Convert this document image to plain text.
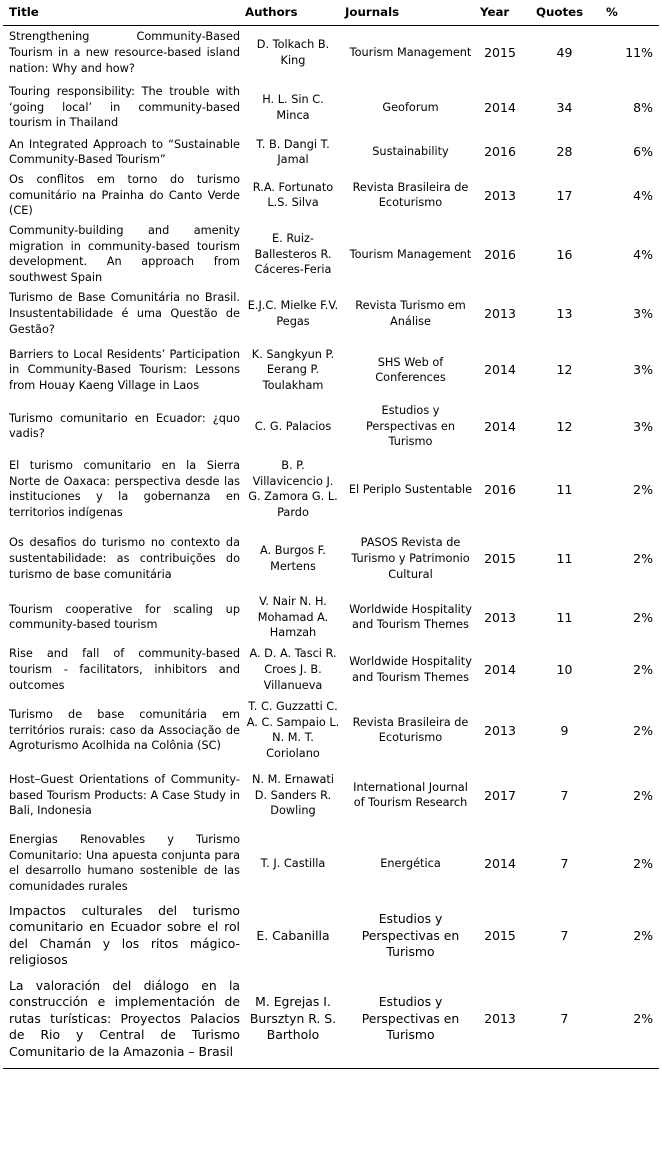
Title	Authors	Journals	Year	Quotes	%
Strengthening Community-Based Tourism in a new resource-based island nation: Why and how?	D. Tolkach B. King	Tourism Management	2015	49	11%
Touring responsibility: The trouble with ‘going local’ in community-based tourism in Thailand	H. L. Sin C. Minca	Geoforum	2014	34	8%
An Integrated Approach to “Sustainable Community-Based Tourism”	T. B. Dangi T. Jamal	Sustainability	2016	28	6%
Os conflitos em torno do turismo comunitário na Prainha do Canto Verde (CE)	R.A. Fortunato L.S. Silva	Revista Brasileira de Ecoturismo	2013	17	4%
Community-building and amenity migration in community-based tourism development. An approach from southwest Spain	E. Ruiz-Ballesteros R. Cáceres-Feria	Tourism Management	2016	16	4%
Turismo de Base Comunitária no Brasil. Insustentabilidade é uma Questão de Gestão?	E.J.C. Mielke F.V. Pegas	Revista Turismo em Análise	2013	13	3%
Barriers to Local Residents’ Participation in Community-Based Tourism: Lessons from Houay Kaeng Village in Laos	K. Sangkyun P. Eerang P. Toulakham	SHS Web of Conferences	2014	12	3%
Turismo comunitario en Ecuador: ¿quo vadis?	C. G. Palacios	Estudios y Perspectivas en Turismo	2014	12	3%
El turismo comunitario en la Sierra Norte de Oaxaca: perspectiva desde las instituciones y la gobernanza en territorios indígenas	B. P. Villavicencio J. G. Zamora G. L. Pardo	El Periplo Sustentable	2016	11	2%
Os desafios do turismo no contexto da sustentabilidade: as contribuições do turismo de base comunitária	A. Burgos F. Mertens	PASOS Revista de Turismo y Patrimonio Cultural	2015	11	2%
Tourism cooperative for scaling up community-based tourism	V. Nair N. H. Mohamad A. Hamzah	Worldwide Hospitality and Tourism Themes	2013	11	2%
Rise and fall of community-based tourism - facilitators, inhibitors and outcomes	A. D. A. Tasci R. Croes J. B. Villanueva	Worldwide Hospitality and Tourism Themes	2014	10	2%
Turismo de base comunitária em territórios rurais: caso da Associação de Agroturismo Acolhida na Colônia (SC)	T. C. Guzzatti C. A. C. Sampaio L. N. M. T. Coriolano	Revista Brasileira de Ecoturismo	2013	9	2%
Host–Guest Orientations of Community-based Tourism Products: A Case Study in Bali, Indonesia	N. M. Ernawati D. Sanders R. Dowling	International Journal of Tourism Research	2017	7	2%
Energias Renovables y Turismo Comunitario: Una apuesta conjunta para el desarrollo humano sostenible de las comunidades rurales	T. J. Castilla	Energética	2014	7	2%
Impactos culturales del turismo comunitario en Ecuador sobre el rol del Chamán y los ritos mágico-religiosos	E. Cabanilla	Estudios y Perspectivas en Turismo	2015	7	2%
La valoración del diálogo en la construcción e implementación de rutas turísticas: Proyectos Palacios de Rio y Central de Turismo Comunitario de la Amazonia – Brasil	M. Egrejas I. Bursztyn R. S. Bartholo	Estudios y Perspectivas en Turismo	2013	7	2%
